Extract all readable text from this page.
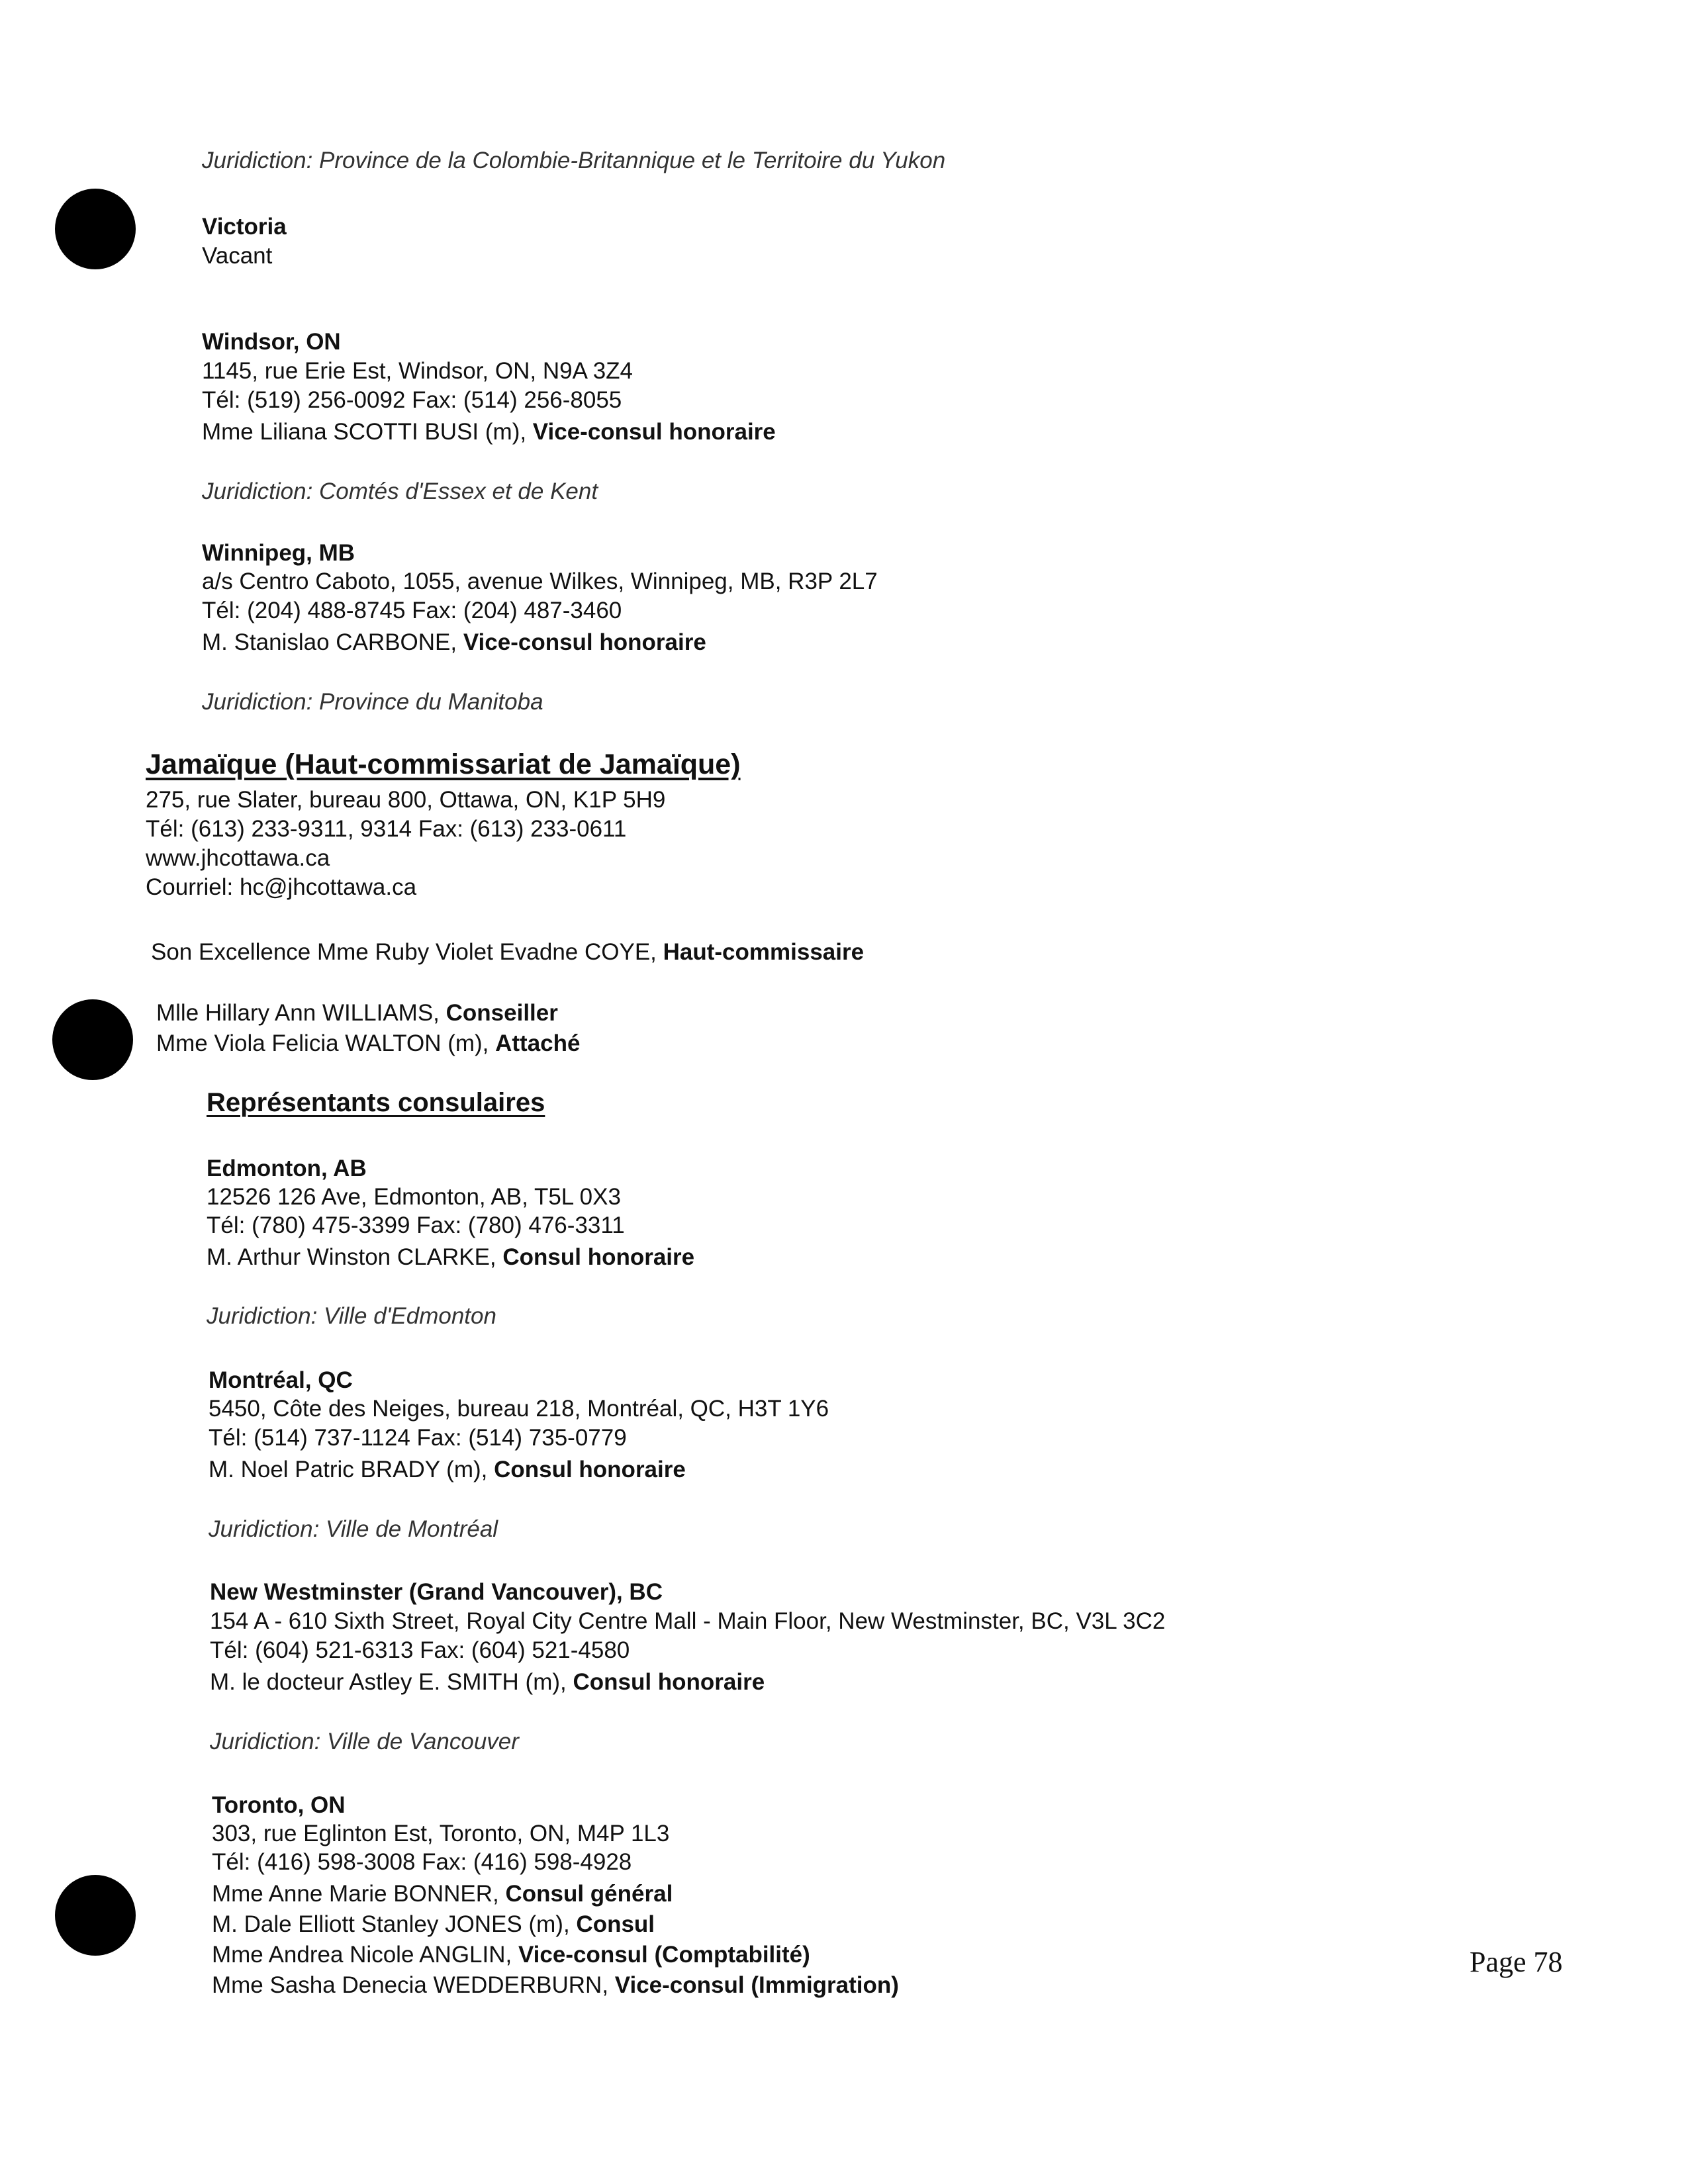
Juridiction: Province de la Colombie-Britannique et le Territoire du Yukon
Victoria
Vacant
Windsor, ON
1145, rue Erie Est, Windsor, ON, N9A 3Z4
Tél: (519) 256-0092 Fax: (514) 256-8055
Mme Liliana SCOTTI BUSI (m), Vice-consul honoraire
Juridiction: Comtés d'Essex et de Kent
Winnipeg, MB
a/s Centro Caboto, 1055, avenue Wilkes, Winnipeg, MB, R3P 2L7
Tél: (204) 488-8745 Fax: (204) 487-3460
M. Stanislao CARBONE, Vice-consul honoraire
Juridiction: Province du Manitoba
Jamaïque (Haut-commissariat de Jamaïque)
275, rue Slater, bureau 800, Ottawa, ON, K1P 5H9
Tél: (613) 233-9311, 9314 Fax: (613) 233-0611
www.jhcottawa.ca
Courriel: hc@jhcottawa.ca
Son Excellence Mme Ruby Violet Evadne COYE, Haut-commissaire
Mlle Hillary Ann WILLIAMS, Conseiller
Mme Viola Felicia WALTON (m), Attaché
Représentants consulaires
Edmonton, AB
12526 126 Ave, Edmonton, AB, T5L 0X3
Tél: (780) 475-3399 Fax: (780) 476-3311
M. Arthur Winston CLARKE, Consul honoraire
Juridiction: Ville d'Edmonton
Montréal, QC
5450, Côte des Neiges, bureau 218, Montréal, QC, H3T 1Y6
Tél: (514) 737-1124 Fax: (514) 735-0779
M. Noel Patric BRADY (m), Consul honoraire
Juridiction: Ville de Montréal
New Westminster (Grand Vancouver), BC
154 A - 610 Sixth Street, Royal City Centre Mall - Main Floor, New Westminster, BC, V3L 3C2
Tél: (604) 521-6313 Fax: (604) 521-4580
M. le docteur Astley E. SMITH (m), Consul honoraire
Juridiction: Ville de Vancouver
Toronto, ON
303, rue Eglinton Est, Toronto, ON, M4P 1L3
Tél: (416) 598-3008 Fax: (416) 598-4928
Mme Anne Marie BONNER, Consul général
M. Dale Elliott Stanley JONES (m), Consul
Mme Andrea Nicole ANGLIN, Vice-consul (Comptabilité)
Mme Sasha Denecia WEDDERBURN, Vice-consul (Immigration)
Page 78
